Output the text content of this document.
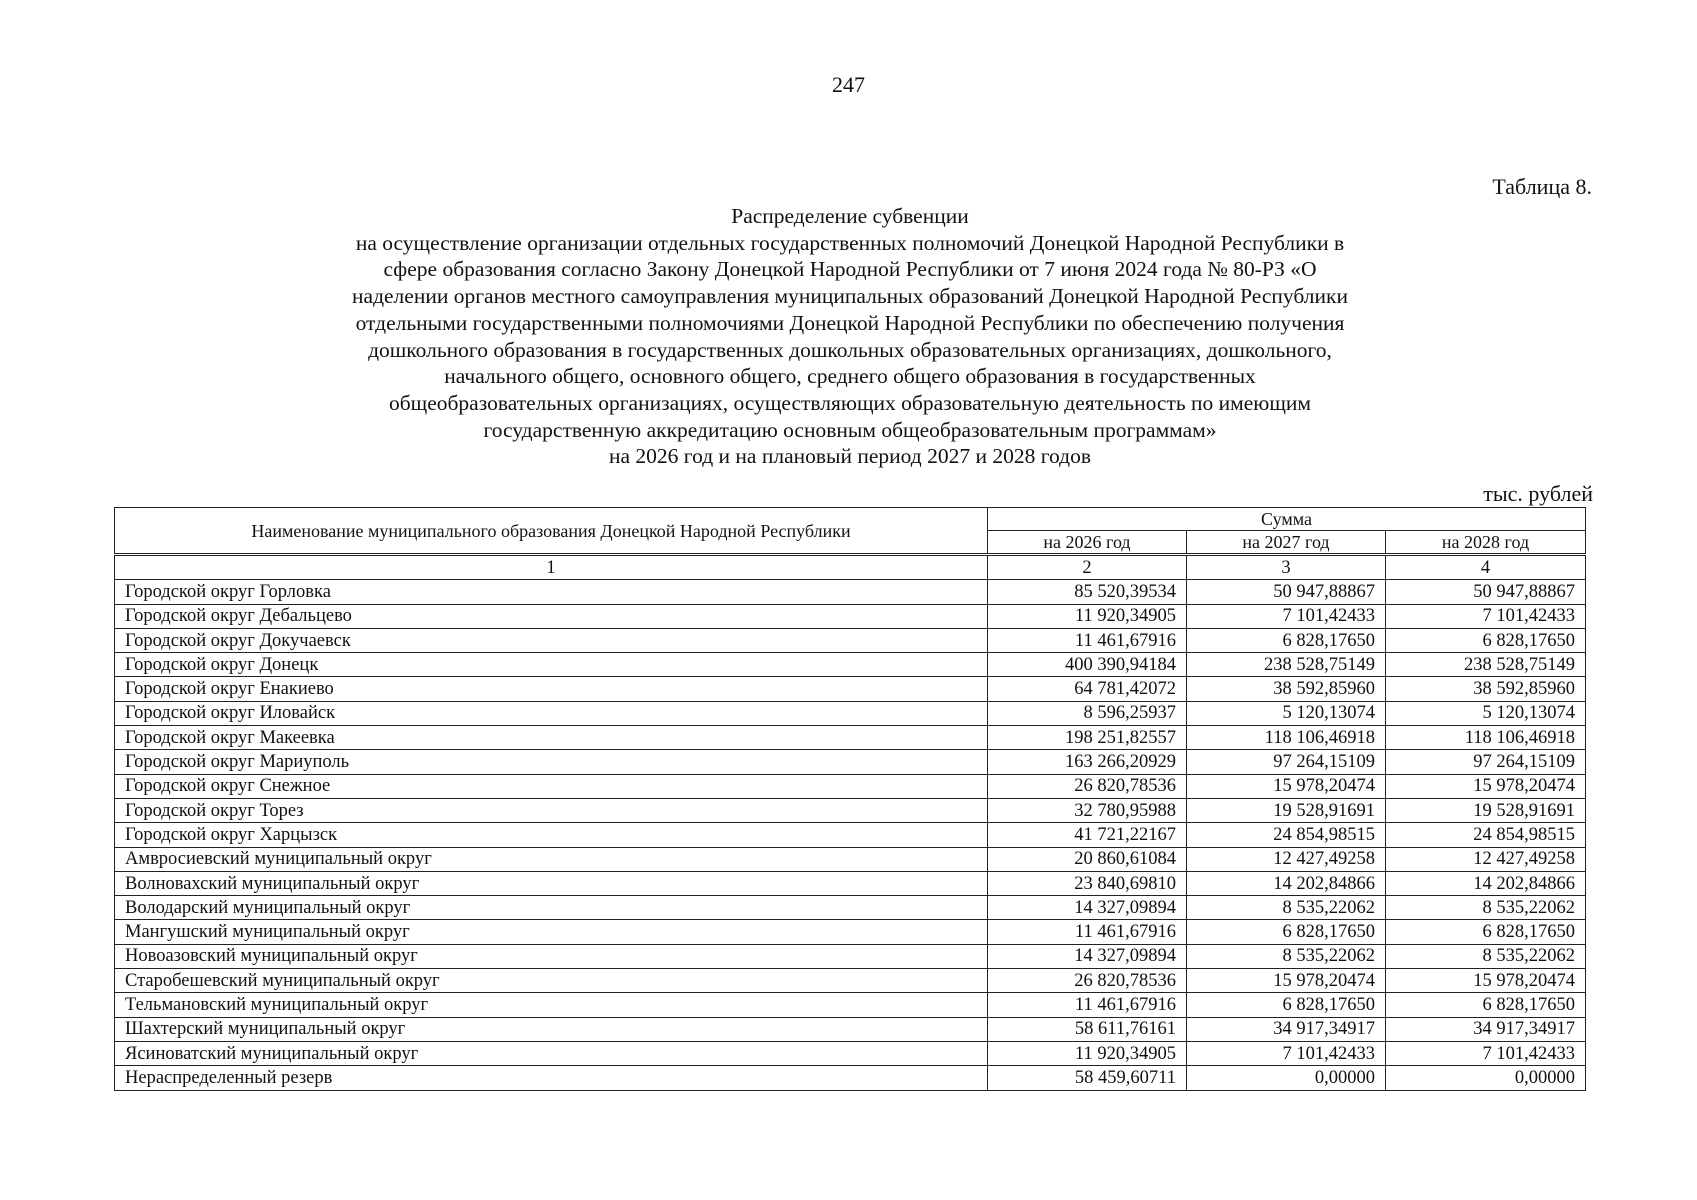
247
Таблица 8.
Распределение субвенции
на осуществление организации отдельных государственных полномочий Донецкой Народной Республики в
сфере образования согласно Закону Донецкой Народной Республики от 7 июня 2024 года № 80-РЗ «О
наделении органов местного самоуправления муниципальных образований Донецкой Народной Республики
отдельными государственными полномочиями Донецкой Народной Республики по обеспечению получения
дошкольного образования в государственных дошкольных образовательных организациях, дошкольного,
начального общего, основного общего, среднего общего образования в государственных
общеобразовательных организациях, осуществляющих образовательную деятельность по имеющим
государственную аккредитацию основным общеобразовательным программам»
на 2026 год и на плановый период 2027 и 2028 годов
тыс. рублей
Наименование муниципального образования Донецкой Народной Республики	Сумма		
	на 2026 год	на 2027 год	на 2028 год
1	2	3	4
Городской округ Горловка	85 520,39534	50 947,88867	50 947,88867
Городской округ Дебальцево	11 920,34905	7 101,42433	7 101,42433
Городской округ Докучаевск	11 461,67916	6 828,17650	6 828,17650
Городской округ Донецк	400 390,94184	238 528,75149	238 528,75149
Городской округ Енакиево	64 781,42072	38 592,85960	38 592,85960
Городской округ Иловайск	8 596,25937	5 120,13074	5 120,13074
Городской округ Макеевка	198 251,82557	118 106,46918	118 106,46918
Городской округ Мариуполь	163 266,20929	97 264,15109	97 264,15109
Городской округ Снежное	26 820,78536	15 978,20474	15 978,20474
Городской округ Торез	32 780,95988	19 528,91691	19 528,91691
Городской округ Харцызск	41 721,22167	24 854,98515	24 854,98515
Амвросиевский муниципальный округ	20 860,61084	12 427,49258	12 427,49258
Волновахский муниципальный округ	23 840,69810	14 202,84866	14 202,84866
Володарский муниципальный округ	14 327,09894	8 535,22062	8 535,22062
Мангушский муниципальный округ	11 461,67916	6 828,17650	6 828,17650
Новоазовский муниципальный округ	14 327,09894	8 535,22062	8 535,22062
Старобешевский муниципальный округ	26 820,78536	15 978,20474	15 978,20474
Тельмановский муниципальный округ	11 461,67916	6 828,17650	6 828,17650
Шахтерский муниципальный округ	58 611,76161	34 917,34917	34 917,34917
Ясиноватский муниципальный округ	11 920,34905	7 101,42433	7 101,42433
Нераспределенный резерв	58 459,60711	0,00000	0,00000
